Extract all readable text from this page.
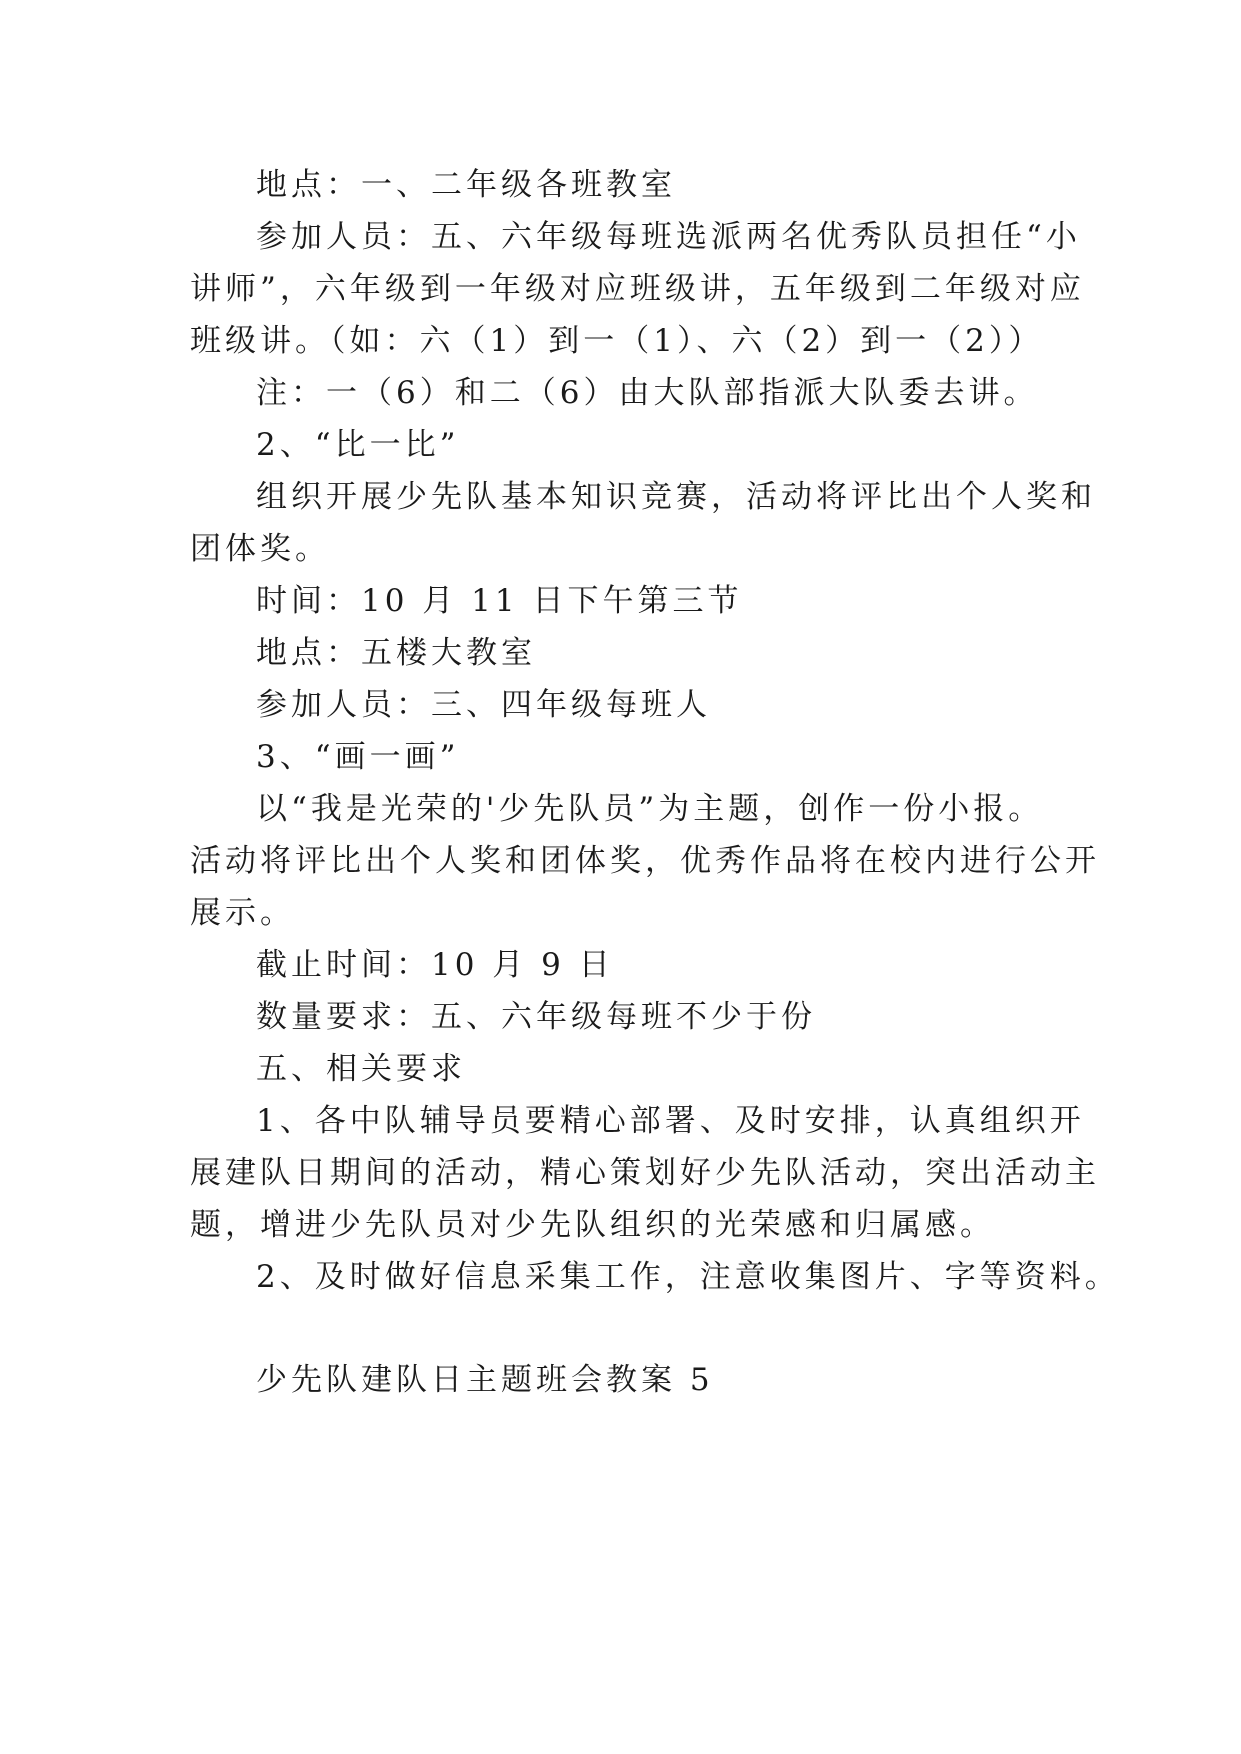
地点：一、二年级各班教室
参加人员：五、六年级每班选派两名优秀队员担任“小
讲师”，六年级到一年级对应班级讲，五年级到二年级对应
班级讲。（如：六（1）到一（1）、六（2）到一（2））
注：一（6）和二（6）由大队部指派大队委去讲。
2、“比一比”
组织开展少先队基本知识竞赛，活动将评比出个人奖和
团体奖。
时间：10 月 11 日下午第三节
地点：五楼大教室
参加人员：三、四年级每班人
3、“画一画”
以“我是光荣的'少先队员”为主题，创作一份小报。
活动将评比出个人奖和团体奖，优秀作品将在校内进行公开
展示。
截止时间：10 月 9 日
数量要求：五、六年级每班不少于份
五、相关要求
1、各中队辅导员要精心部署、及时安排，认真组织开
展建队日期间的活动，精心策划好少先队活动，突出活动主
题，增进少先队员对少先队组织的光荣感和归属感。
2、及时做好信息采集工作，注意收集图片、字等资料。
少先队建队日主题班会教案 5
